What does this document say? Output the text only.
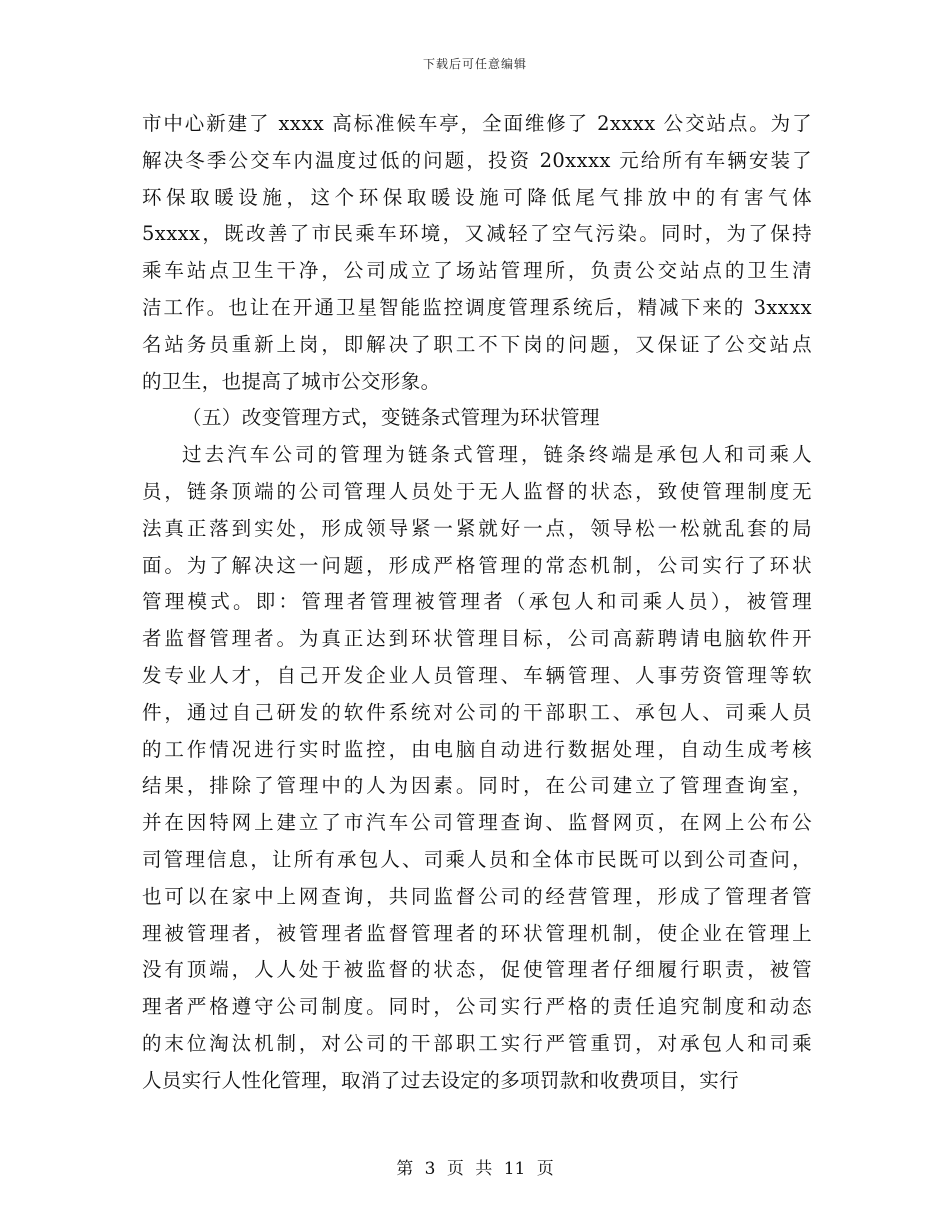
下载后可任意编辑
市中心新建了 xxxx 高标准候车亭，全面维修了 2xxxx 公交站点。为了
解决冬季公交车内温度过低的问题，投资 20xxxx 元给所有车辆安装了
环保取暖设施，这个环保取暖设施可降低尾气排放中的有害气体
5xxxx，既改善了市民乘车环境，又减轻了空气污染。同时，为了保持
乘车站点卫生干净，公司成立了场站管理所，负责公交站点的卫生清
洁工作。也让在开通卫星智能监控调度管理系统后，精减下来的 3xxxx
名站务员重新上岗，即解决了职工不下岗的问题，又保证了公交站点
的卫生，也提高了城市公交形象。
（五）改变管理方式，变链条式管理为环状管理
过去汽车公司的管理为链条式管理，链条终端是承包人和司乘人
员，链条顶端的公司管理人员处于无人监督的状态，致使管理制度无
法真正落到实处，形成领导紧一紧就好一点，领导松一松就乱套的局
面。为了解决这一问题，形成严格管理的常态机制，公司实行了环状
管理模式。即：管理者管理被管理者（承包人和司乘人员），被管理
者监督管理者。为真正达到环状管理目标，公司高薪聘请电脑软件开
发专业人才，自己开发企业人员管理、车辆管理、人事劳资管理等软
件，通过自己研发的软件系统对公司的干部职工、承包人、司乘人员
的工作情况进行实时监控，由电脑自动进行数据处理，自动生成考核
结果，排除了管理中的人为因素。同时，在公司建立了管理查询室，
并在因特网上建立了市汽车公司管理查询、监督网页，在网上公布公
司管理信息，让所有承包人、司乘人员和全体市民既可以到公司查问，
也可以在家中上网查询，共同监督公司的经营管理，形成了管理者管
理被管理者，被管理者监督管理者的环状管理机制，使企业在管理上
没有顶端，人人处于被监督的状态，促使管理者仔细履行职责，被管
理者严格遵守公司制度。同时，公司实行严格的责任追究制度和动态
的末位淘汰机制，对公司的干部职工实行严管重罚，对承包人和司乘
人员实行人性化管理，取消了过去设定的多项罚款和收费项目，实行
第 3 页 共 11 页
